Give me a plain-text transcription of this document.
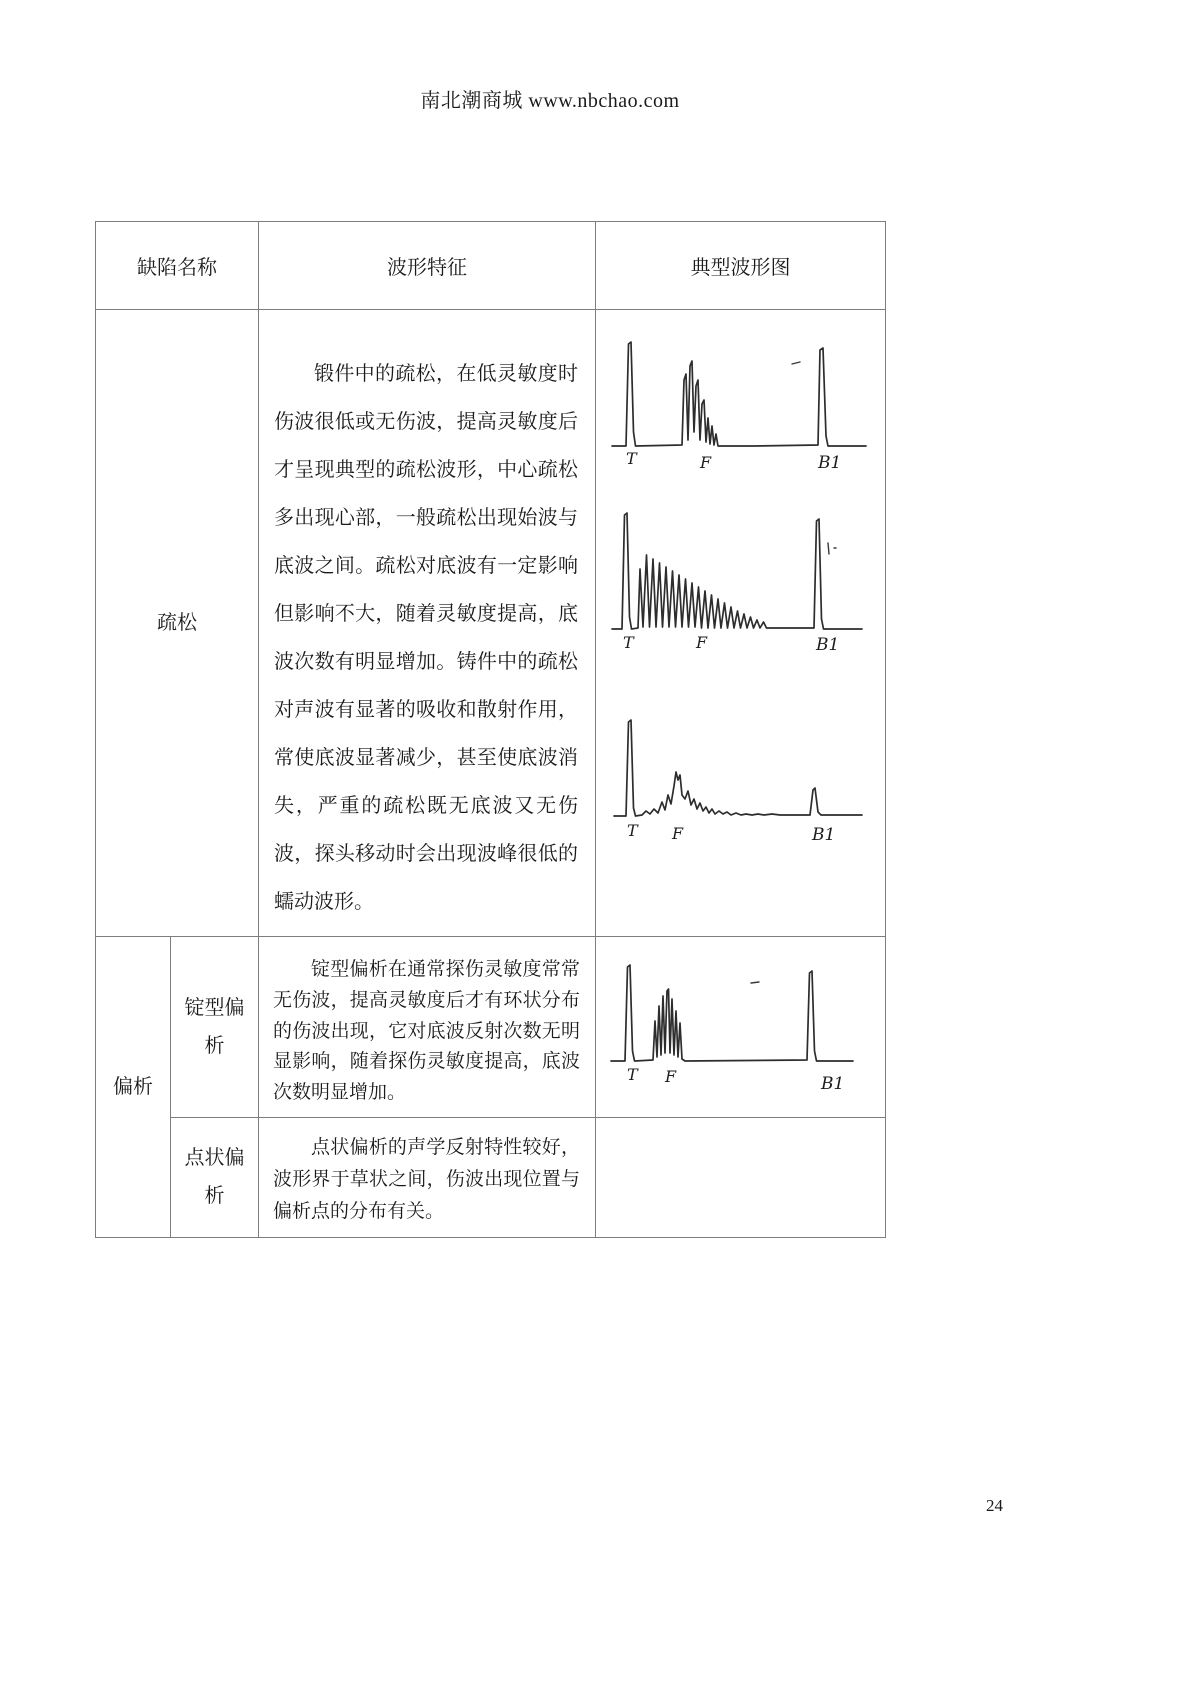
南北潮商城 www.nbchao.com
缺陷名称		波形特征	典型波形图
疏松	锻件中的疏松，在低灵敏度时伤波很低或无伤波，提高灵敏度后才呈现典型的疏松波形，中心疏松多出现心部，一般疏松出现始波与底波之间。疏松对底波有一定影响但影响不大，随着灵敏度提高，底波次数有明显增加。铸件中的疏松对声波有显著的吸收和散射作用，常使底波显著减少，甚至使底波消失，严重的疏松既无底波又无伤波，探头移动时会出现波峰很低的蠕动波形。	
T	F	B1
T	F	B1
T F	B1

偏析	锭型偏析	锭型偏析在通常探伤灵敏度常常无伤波，提高灵敏度后才有环状分布的伤波出现，它对底波反射次数无明显影响，随着探伤灵敏度提高，底波次数明显增加。	T F B1

	点状偏析	点状偏析的声学反射特性较好，波形界于草状之间，伤波出现位置与偏析点的分布有关。	
24
